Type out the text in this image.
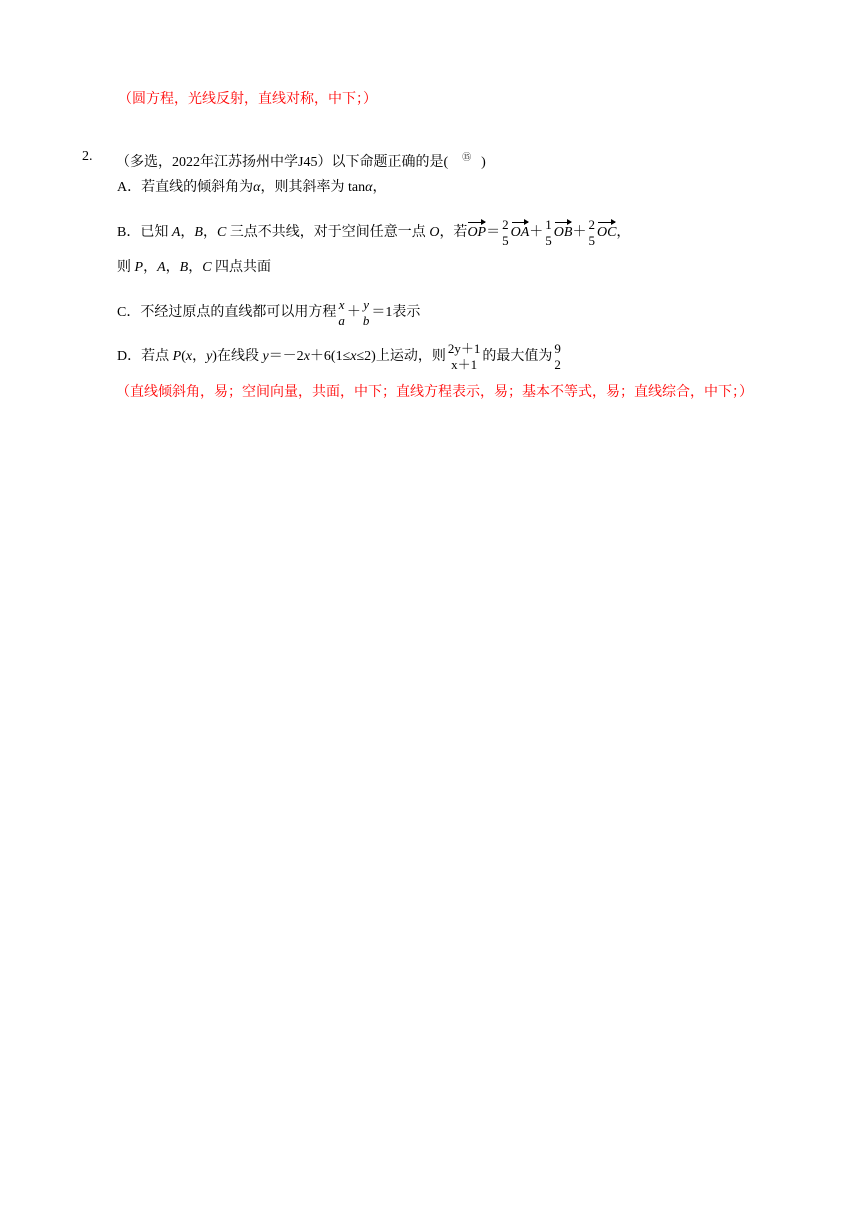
（圆方程，光线反射，直线对称，中下；）
2. （多选，2022年江苏扬州中学J45）以下命题正确的是( ⑮ )
A．若直线的倾斜角为α，则其斜率为 tanα，
B．已知 A，B，C 三点不共线，对于空间任意一点 O，若OP＝
2
5
OA＋
1
5
OB＋
2
5
OC，
则 P，A，B，C 四点共面
C．不经过原点的直线都可以用方程
x
a
＋
y
b
＝1表示
D．若点 P(x，y)在线段 y＝－2x＋6(1≤x≤2)上运动，则
2y＋1
x＋1
的最大值为
9
2
（直线倾斜角，易；空间向量，共面，中下；直线方程表示，易；基本不等式，易；直线综合，中下；）
